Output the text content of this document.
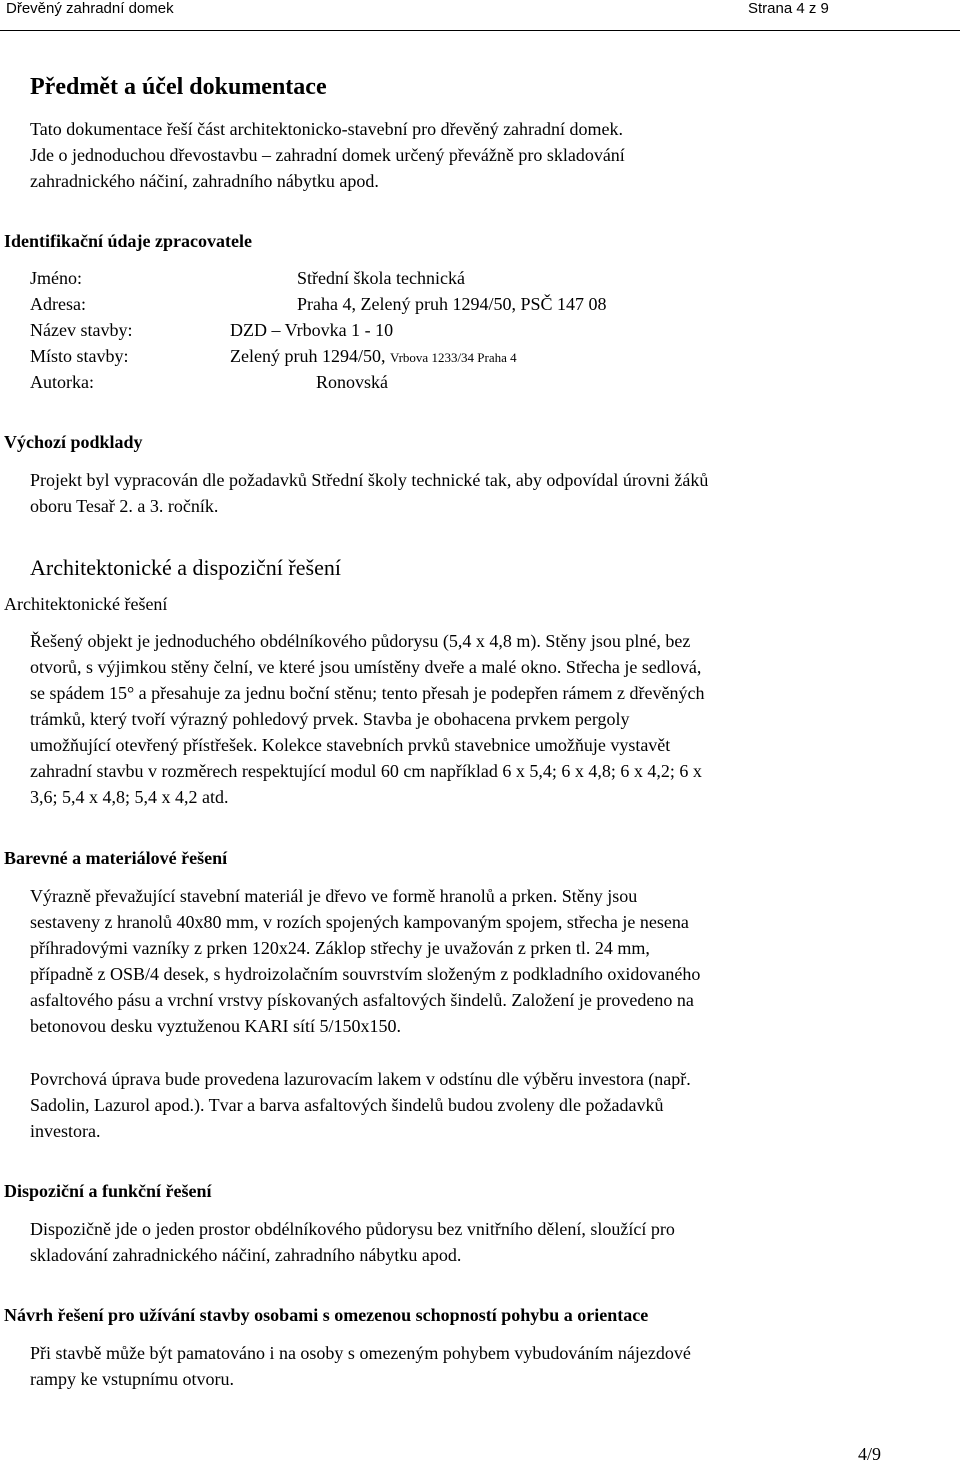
Dřevěný zahradní domek	Strana 4 z 9
Předmět a účel dokumentace
Tato dokumentace řeší část architektonicko-stavební pro dřevěný zahradní domek.
Jde o jednoduchou dřevostavbu – zahradní domek určený převážně pro skladování
zahradnického náčiní, zahradního nábytku apod.
Identifikační údaje zpracovatele
Jméno:	Střední škola technická
Adresa:	Praha 4, Zelený pruh 1294/50, PSČ 147 08
Název stavby:	DZD – Vrbovka 1 - 10
Místo stavby:	Zelený pruh 1294/50, Vrbova 1233/34 Praha 4
Autorka:	Ronovská
Výchozí podklady
Projekt byl vypracován dle požadavků Střední školy technické tak, aby odpovídal úrovni žáků
oboru Tesař 2. a 3. ročník.
Architektonické a dispoziční řešení
Architektonické řešení
Řešený objekt je jednoduchého obdélníkového půdorysu (5,4 x 4,8 m). Stěny jsou plné, bez
otvorů, s výjimkou stěny čelní, ve které jsou umístěny dveře a malé okno. Střecha je sedlová,
se spádem 15° a přesahuje za jednu boční stěnu; tento přesah je podepřen rámem z dřevěných
trámků, který tvoří výrazný pohledový prvek. Stavba je obohacena prvkem pergoly
umožňující otevřený přístřešek. Kolekce stavebních prvků stavebnice umožňuje vystavět
zahradní stavbu v rozměrech respektující modul 60 cm například 6 x 5,4; 6 x 4,8; 6 x 4,2; 6 x
3,6; 5,4 x 4,8; 5,4 x 4,2 atd.
Barevné a materiálové řešení
Výrazně převažující stavební materiál je dřevo ve formě hranolů a prken. Stěny jsou
sestaveny z hranolů 40x80 mm, v rozích spojených kampovaným spojem, střecha je nesena
příhradovými vazníky z prken 120x24. Záklop střechy je uvažován z prken tl. 24 mm,
případně z OSB/4 desek, s hydroizolačním souvrstvím složeným z podkladního oxidovaného
asfaltového pásu a vrchní vrstvy pískovaných asfaltových šindelů. Založení je provedeno na
betonovou desku vyztuženou KARI sítí 5/150x150.
Povrchová úprava bude provedena lazurovacím lakem v odstínu dle výběru investora (např.
Sadolin, Lazurol apod.). Tvar a barva asfaltových šindelů budou zvoleny dle požadavků
investora.
Dispoziční a funkční řešení
Dispozičně jde o jeden prostor obdélníkového půdorysu bez vnitřního dělení, sloužící pro
skladování zahradnického náčiní, zahradního nábytku apod.
Návrh řešení pro užívání stavby osobami s omezenou schopností pohybu a orientace
Při stavbě může být pamatováno i na osoby s omezeným pohybem vybudováním nájezdové
rampy ke vstupnímu otvoru.
4/9
